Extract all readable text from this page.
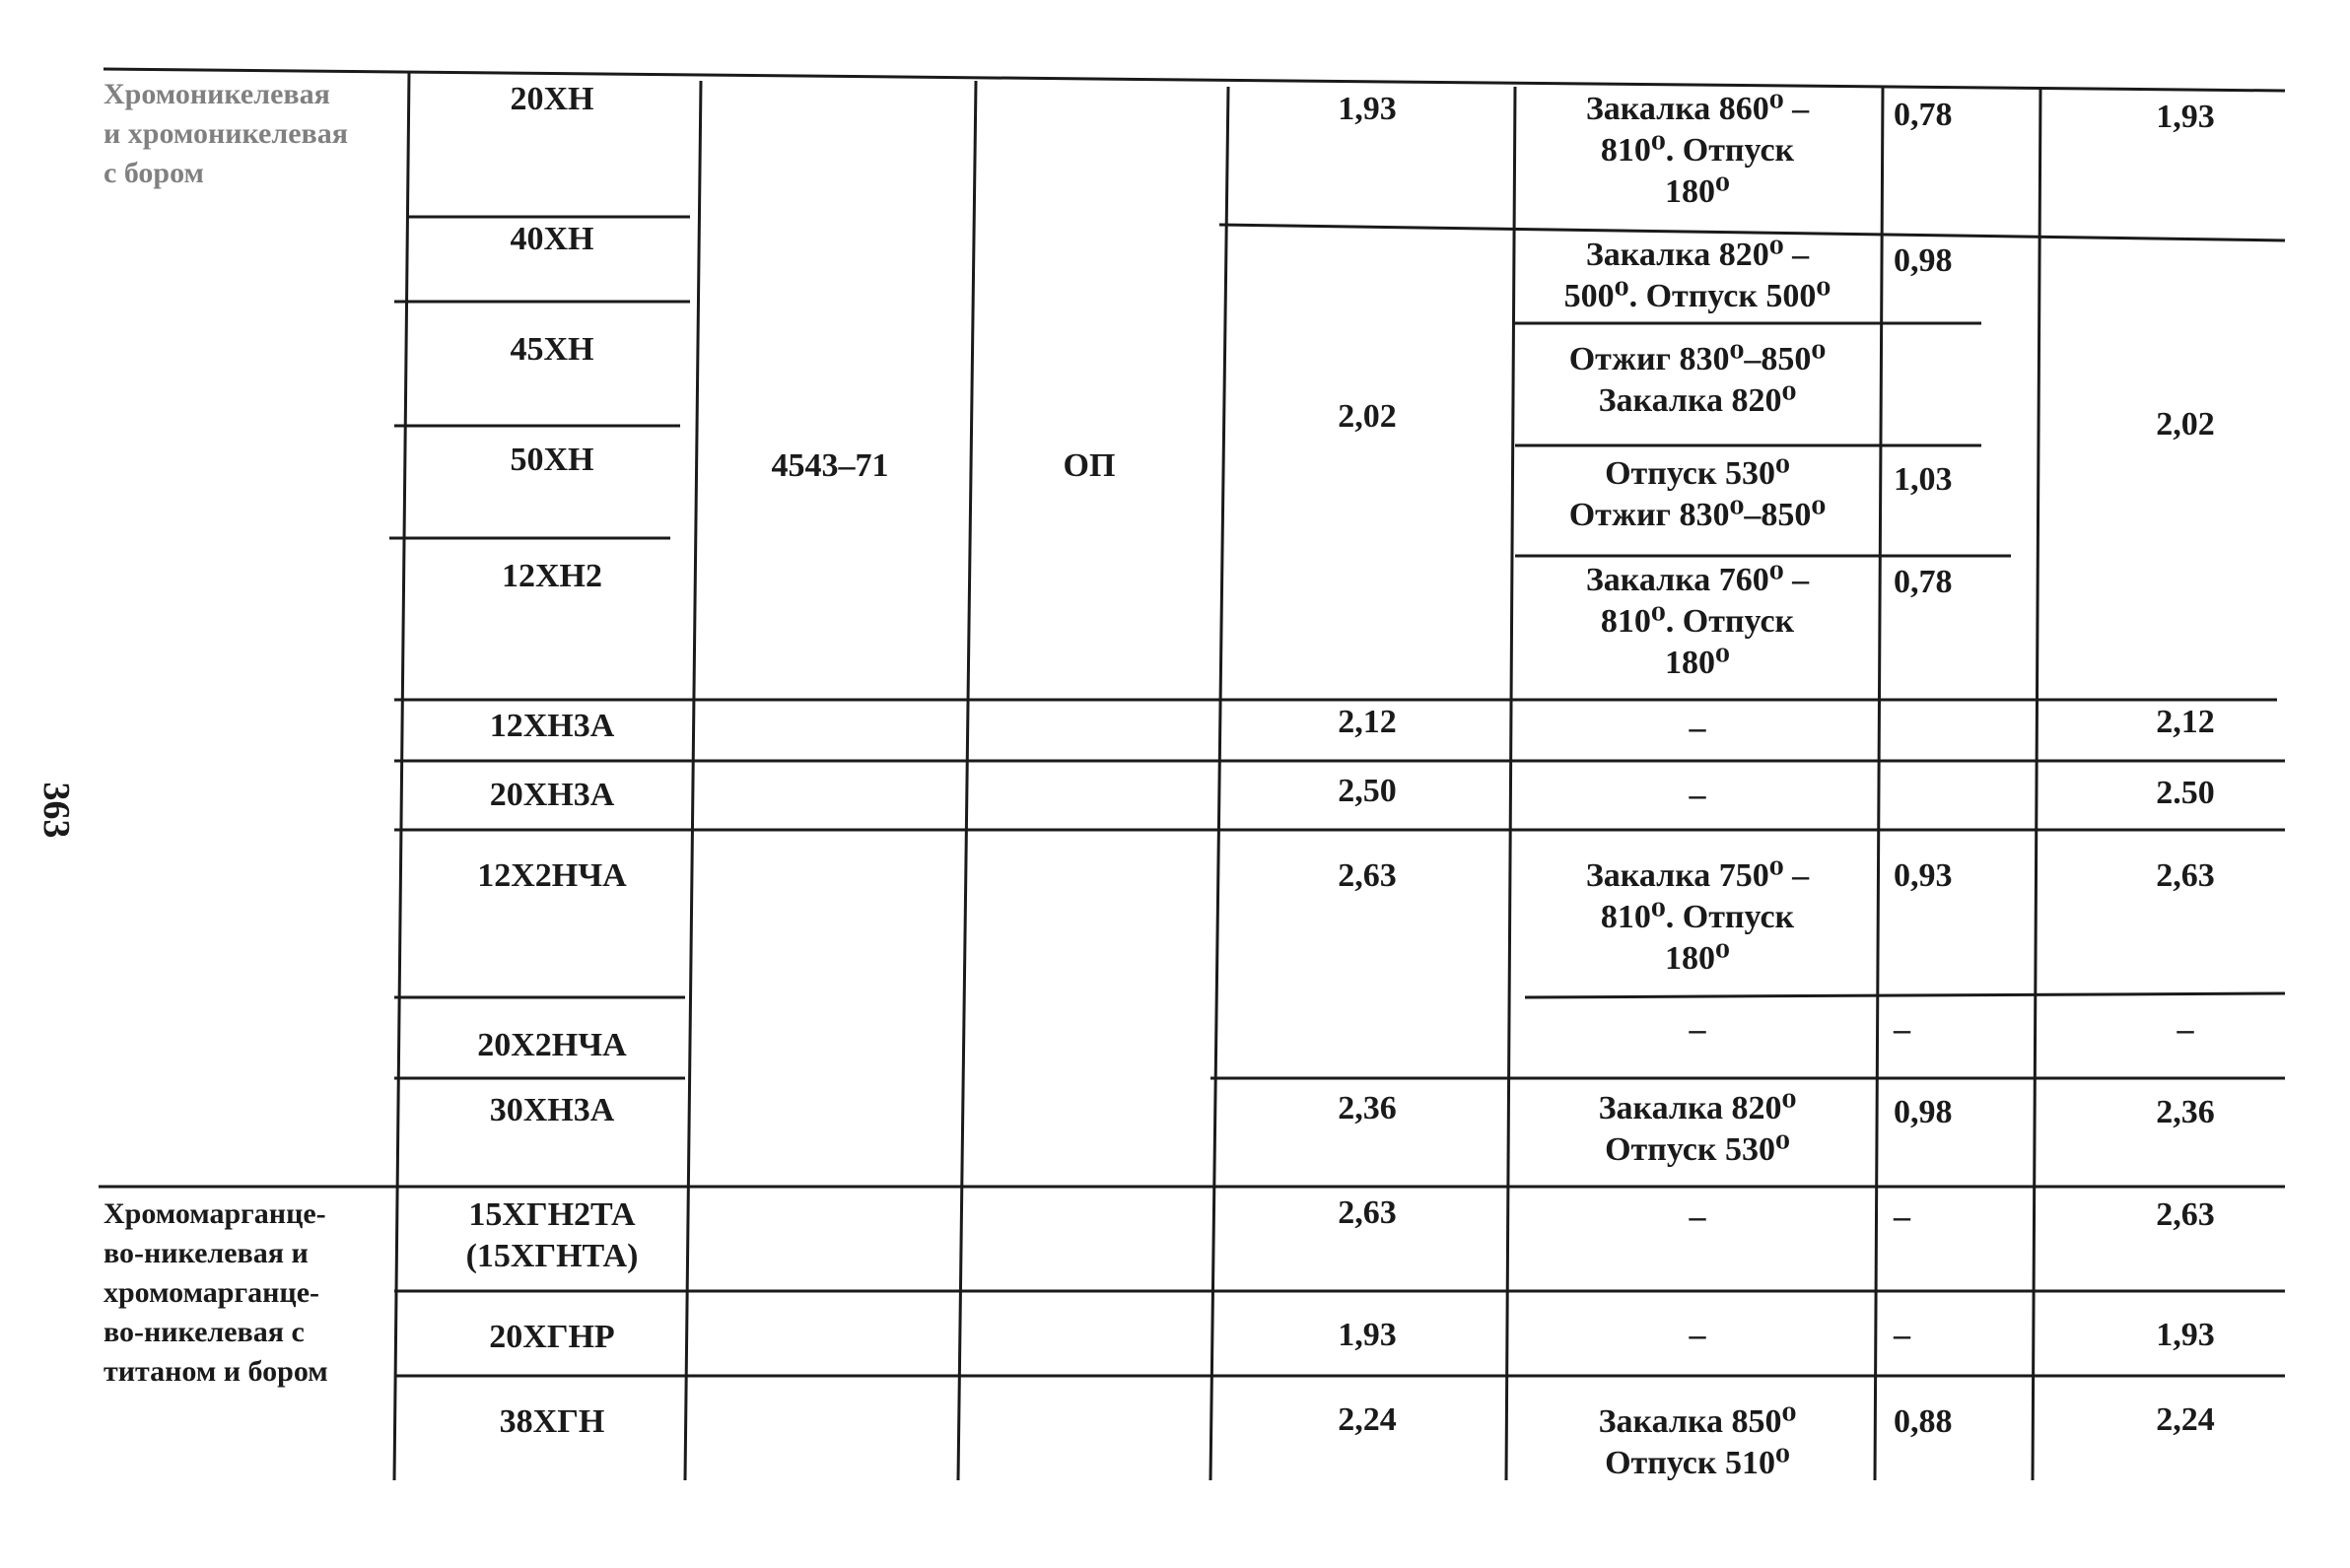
363
Хромоникелевая
и хромоникелевая
с бором
Хромомарганце-
во-никелевая и
хромомарганце-
во-никелевая с
титаном и бором
4543–71	ОП
20ХН
40ХН
45ХН
50ХН
12ХН2
12ХН3А
20ХН3А
12Х2НЧА
20Х2НЧА
30ХН3А
15ХГН2ТА
(15ХГНТА)
20ХГНР
38ХГН
1,93
2,02
2,12
2,50
2,63
2,36
2,63
1,93
2,24
Закалка 860⁰ –
810⁰. Отпуск
180⁰
Закалка 820⁰ –
500⁰. Отпуск 500⁰
Отжиг 830⁰–850⁰
Закалка 820⁰
Отпуск 530⁰
Отжиг 830⁰–850⁰
Закалка 760⁰ –
810⁰. Отпуск
180⁰
–
–
Закалка 750⁰ –
810⁰. Отпуск
180⁰
–
Закалка 820⁰
Отпуск 530⁰
–
–
Закалка 850⁰
Отпуск 510⁰
0,78
0,98
1,03
0,78
0,93
–
0,98
–
–
0,88
1,93
2,02
2,12
2.50
2,63
–
2,36
2,63
1,93
2,24
